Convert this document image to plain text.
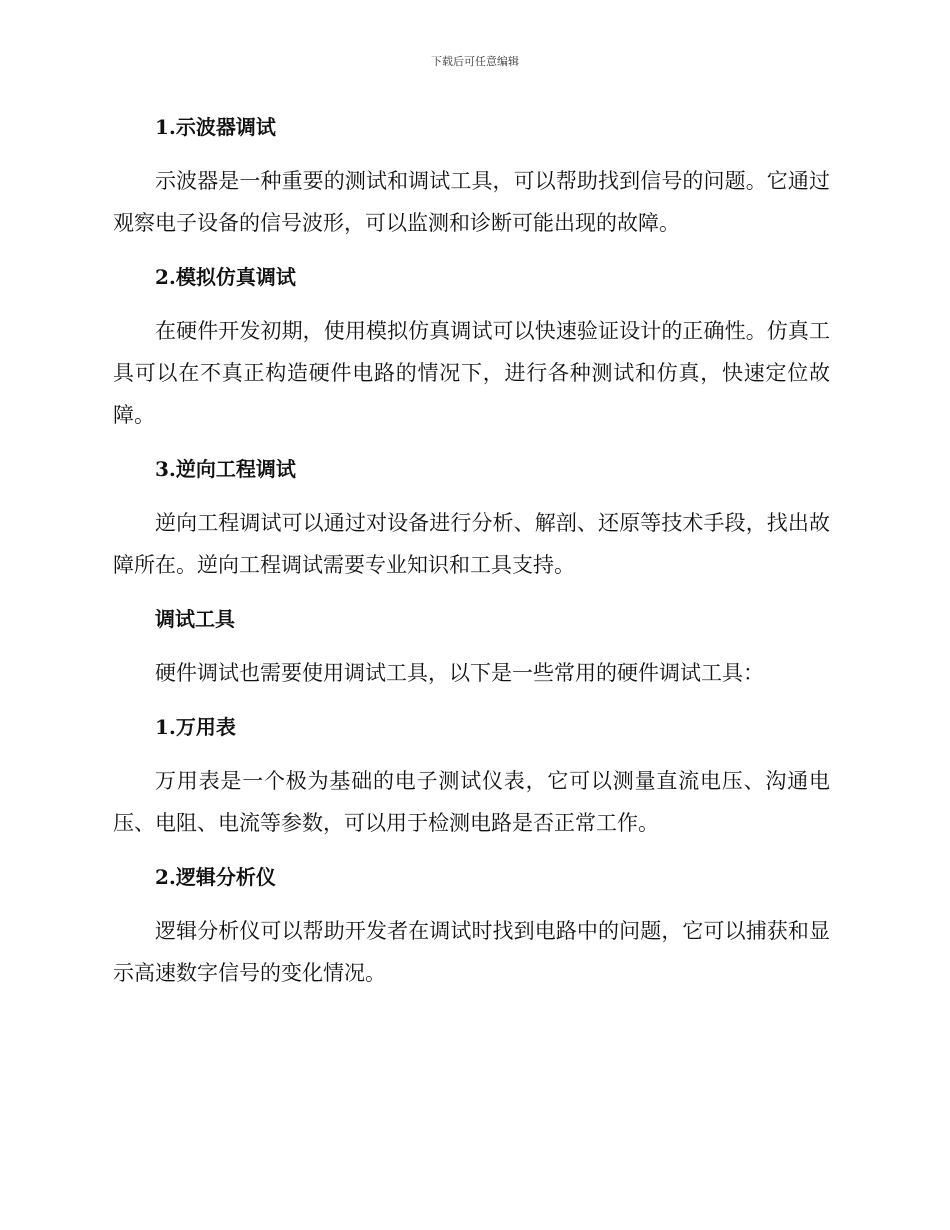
下载后可任意编辑
1.示波器调试
示波器是一种重要的测试和调试工具，可以帮助找到信号的问题。它通过观察电子设备的信号波形，可以监测和诊断可能出现的故障。
2.模拟仿真调试
在硬件开发初期，使用模拟仿真调试可以快速验证设计的正确性。仿真工具可以在不真正构造硬件电路的情况下，进行各种测试和仿真，快速定位故障。
3.逆向工程调试
逆向工程调试可以通过对设备进行分析、解剖、还原等技术手段，找出故障所在。逆向工程调试需要专业知识和工具支持。
调试工具
硬件调试也需要使用调试工具，以下是一些常用的硬件调试工具：
1.万用表
万用表是一个极为基础的电子测试仪表，它可以测量直流电压、沟通电压、电阻、电流等参数，可以用于检测电路是否正常工作。
2.逻辑分析仪
逻辑分析仪可以帮助开发者在调试时找到电路中的问题，它可以捕获和显示高速数字信号的变化情况。
